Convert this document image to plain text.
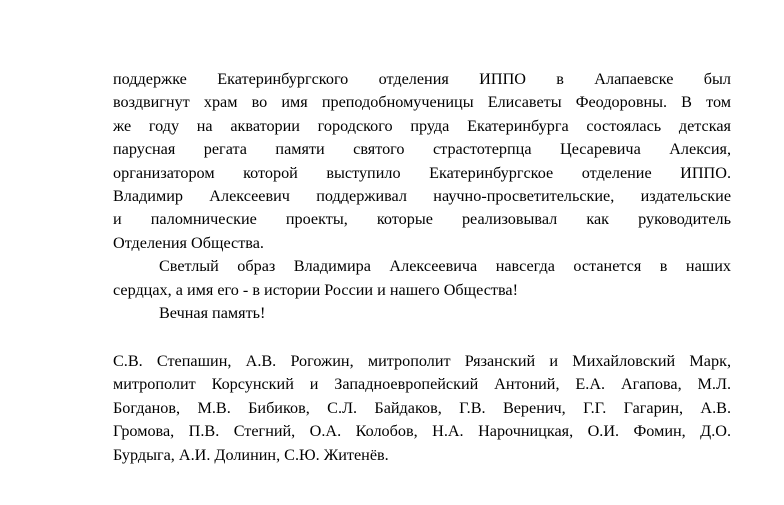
поддержке Екатеринбургского отделения ИППО в Алапаевске был
воздвигнут храм во имя преподобномученицы Елисаветы Феодоровны. В том
же году на акватории городского пруда Екатеринбурга состоялась детская
парусная регата памяти святого страстотерпца Цесаревича Алексия,
организатором которой выступило Екатеринбургское отделение ИППО.
Владимир Алексеевич поддерживал научно-просветительские, издательские
и паломнические проекты, которые реализовывал как руководитель
Отделения Общества.
Светлый образ Владимира Алексеевича навсегда останется в наших
сердцах, а имя его - в истории России и нашего Общества!
Вечная память!
С.В. Степашин, А.В. Рогожин, митрополит Рязанский и Михайловский Марк,
митрополит Корсунский и Западноевропейский Антоний, Е.А. Агапова, М.Л.
Богданов, М.В. Бибиков, С.Л. Байдаков, Г.В. Веренич, Г.Г. Гагарин, А.В.
Громова, П.В. Стегний, О.А. Колобов, Н.А. Нарочницкая, О.И. Фомин, Д.О.
Бурдыга, А.И. Долинин, С.Ю. Житенёв.
